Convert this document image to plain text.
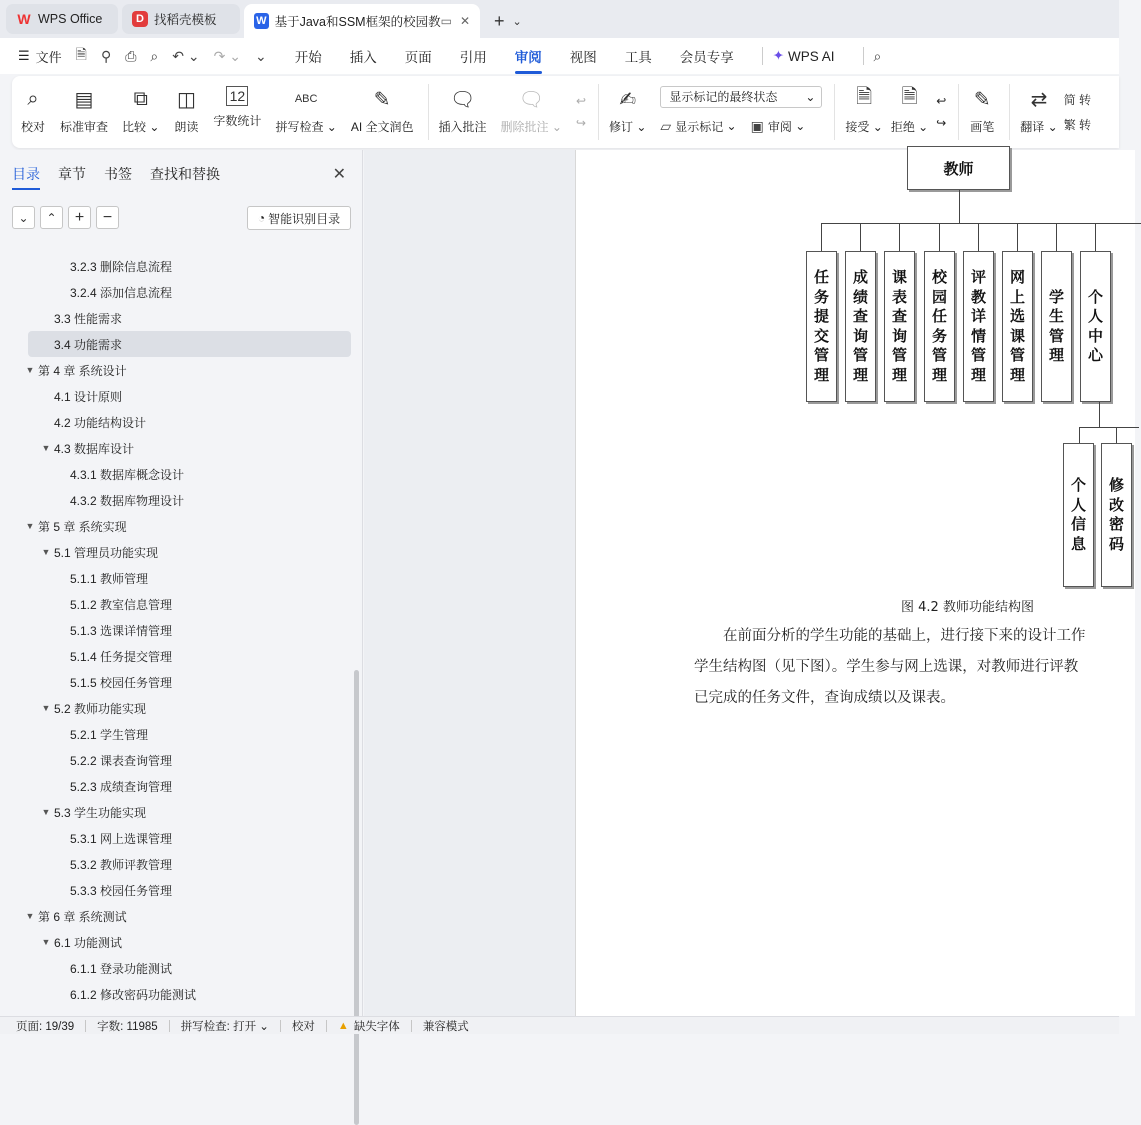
W WPS Office	D 找稻壳模板	W 基于Java和SSM框架的校园教 ▭ ✕ + ⌄
☰ 文件 🗎 ⚲ ⎙ ⌕ ↶ ⌄ ↷ ⌄ ⌄ 开始 插入 页面 引用 审阅 视图 工具 会员专享	✦ WPS AI	⌕
⌕
校对
▤
标准审查
⧉
比较 ⌄
◫
朗读
12
字数统计
ABC
拼写检查 ⌄
✎
AI 全文润色
🗨
插入批注
🗨
删除批注 ⌄
↩
↪
✍
修订 ⌄
显示标记的最终状态 ⌄
▱ 显示标记 ⌄ ▣ 审阅 ⌄
🗎
接受 ⌄
🗎
拒绝 ⌄
↩
↪
✎
画笔
⇄
翻译 ⌄
简 转
繁 转
目录 章节 书签 查找和替换	✕
⌄	⌃	+	−	◔ 智能识别目录
3.2.3 删除信息流程
3.2.4 添加信息流程
3.3 性能需求
3.4 功能需求
▼ 第 4 章 系统设计
4.1 设计原则
4.2 功能结构设计
▼ 4.3 数据库设计
4.3.1 数据库概念设计
4.3.2 数据库物理设计
▼ 第 5 章 系统实现
▼ 5.1 管理员功能实现
5.1.1 教师管理
5.1.2 教室信息管理
5.1.3 选课详情管理
5.1.4 任务提交管理
5.1.5 校园任务管理
▼ 5.2 教师功能实现
5.2.1 学生管理
5.2.2 课表查询管理
5.2.3 成绩查询管理
▼ 5.3 学生功能实现
5.3.1 网上选课管理
5.3.2 教师评教管理
5.3.3 校园任务管理
▼ 第 6 章 系统测试
▼ 6.1 功能测试
6.1.1 登录功能测试
6.1.2 修改密码功能测试
教师
任
务
提
交
管
理
成
绩
查
询
管
理
课
表
查
询
管
理
校
园
任
务
管
理
评
教
详
情
管
理
网
上
选
课
管
理
学
生
管
理
个
人
中
心
个
人
信
息
修
改
密
码
图 4.2 教师功能结构图
　　在前面分析的学生功能的基础上，进行接下来的设计工作
学生结构图（见下图）。学生参与网上选课，对教师进行评教
已完成的任务文件，查询成绩以及课表。
页面: 19/39 字数: 11985 拼写检查: 打开 ⌄ 校对 ▲ 缺失字体 兼容模式
